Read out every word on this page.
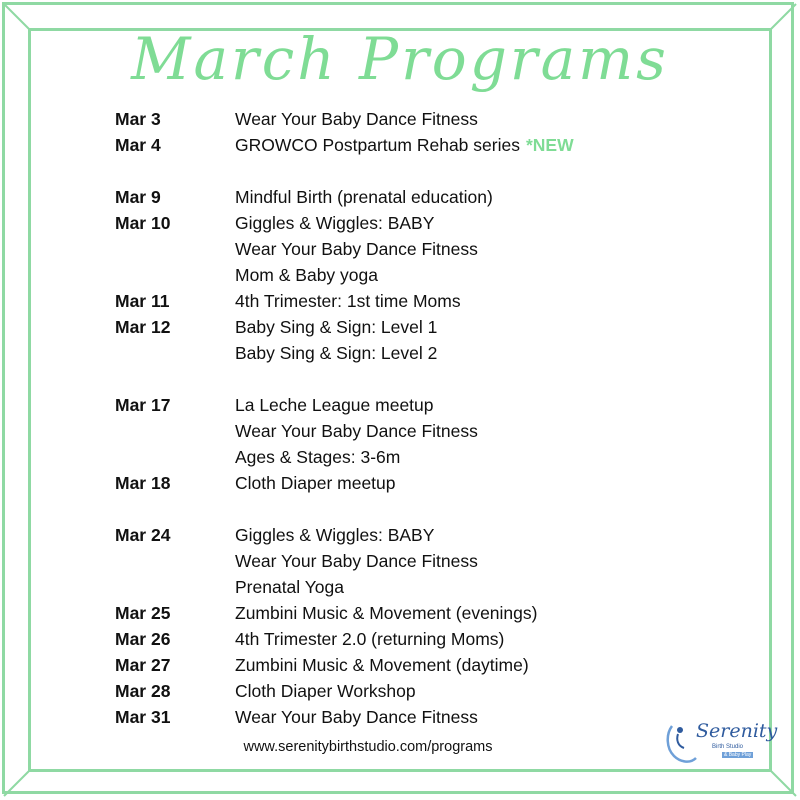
March Programs
Mar 3	Wear Your Baby Dance Fitness
Mar 4	GROWCO Postpartum Rehab series *NEW
Mar 9	Mindful Birth (prenatal education)
Mar 10	Giggles & Wiggles: BABY
Wear Your Baby Dance Fitness
Mom & Baby yoga
Mar 11	4th Trimester: 1st time Moms
Mar 12	Baby Sing & Sign: Level 1
Baby Sing & Sign: Level 2
Mar 17	La Leche League meetup
Wear Your Baby Dance Fitness
Ages & Stages: 3-6m
Mar 18	Cloth Diaper meetup
Mar 24	Giggles & Wiggles: BABY
Wear Your Baby Dance Fitness
Prenatal Yoga
Mar 25	Zumbini Music & Movement (evenings)
Mar 26	4th Trimester 2.0 (returning Moms)
Mar 27	Zumbini Music & Movement (daytime)
Mar 28	Cloth Diaper Workshop
Mar 31	Wear Your Baby Dance Fitness
www.serenitybirthstudio.com/programs
Serenity
Birth Studio
& Baby Play
